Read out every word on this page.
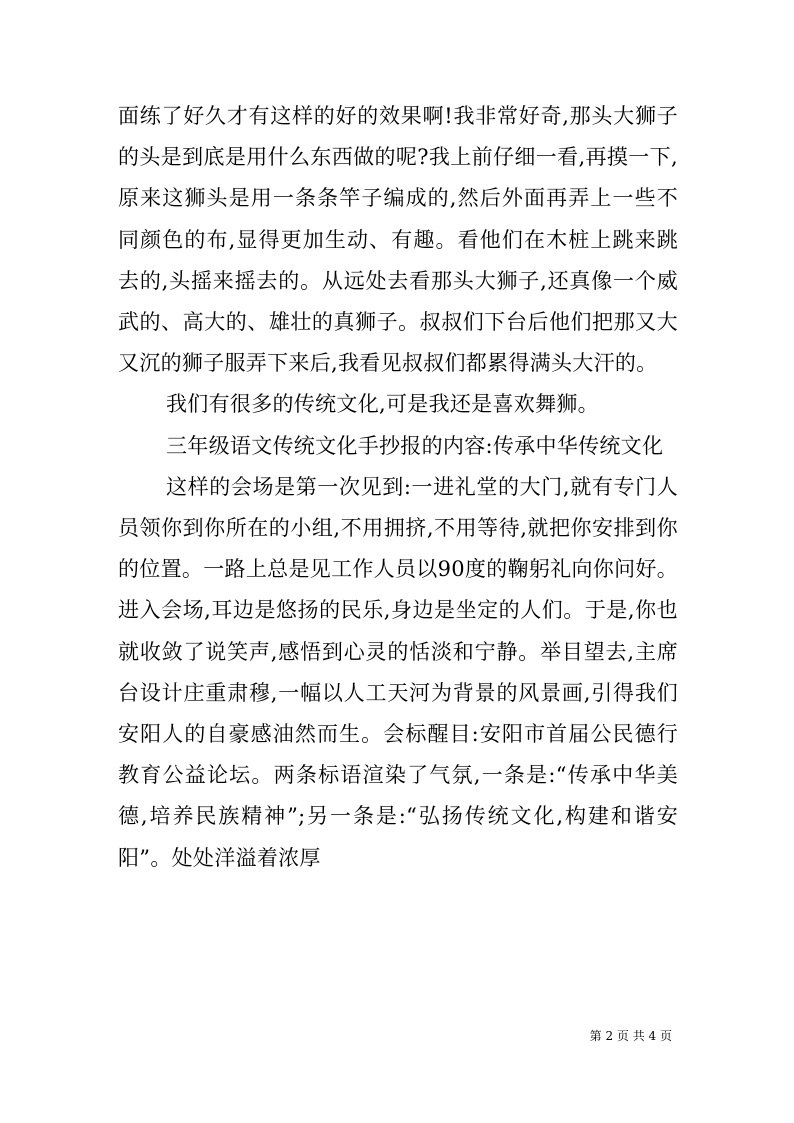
面练了好久才有这样的好的效果啊!我非常好奇,那头大狮子的头是到底是用什么东西做的呢?我上前仔细一看,再摸一下,原来这狮头是用一条条竿子编成的,然后外面再弄上一些不同颜色的布,显得更加生动、有趣。看他们在木桩上跳来跳去的,头摇来摇去的。从远处去看那头大狮子,还真像一个威武的、高大的、雄壮的真狮子。叔叔们下台后他们把那又大又沉的狮子服弄下来后,我看见叔叔们都累得满头大汗的。

我们有很多的传统文化,可是我还是喜欢舞狮。

三年级语文传统文化手抄报的内容:传承中华传统文化

这样的会场是第一次见到:一进礼堂的大门,就有专门人员领你到你所在的小组,不用拥挤,不用等待,就把你安排到你的位置。一路上总是见工作人员以90度的鞠躬礼向你问好。进入会场,耳边是悠扬的民乐,身边是坐定的人们。于是,你也就收敛了说笑声,感悟到心灵的恬淡和宁静。举目望去,主席台设计庄重肃穆,一幅以人工天河为背景的风景画,引得我们安阳人的自豪感油然而生。会标醒目:安阳市首届公民德行教育公益论坛。两条标语渲染了气氛,一条是:“传承中华美德,培养民族精神”;另一条是:“弘扬传统文化,构建和谐安阳”。处处洋溢着浓厚

第 2 页 共 4 页
